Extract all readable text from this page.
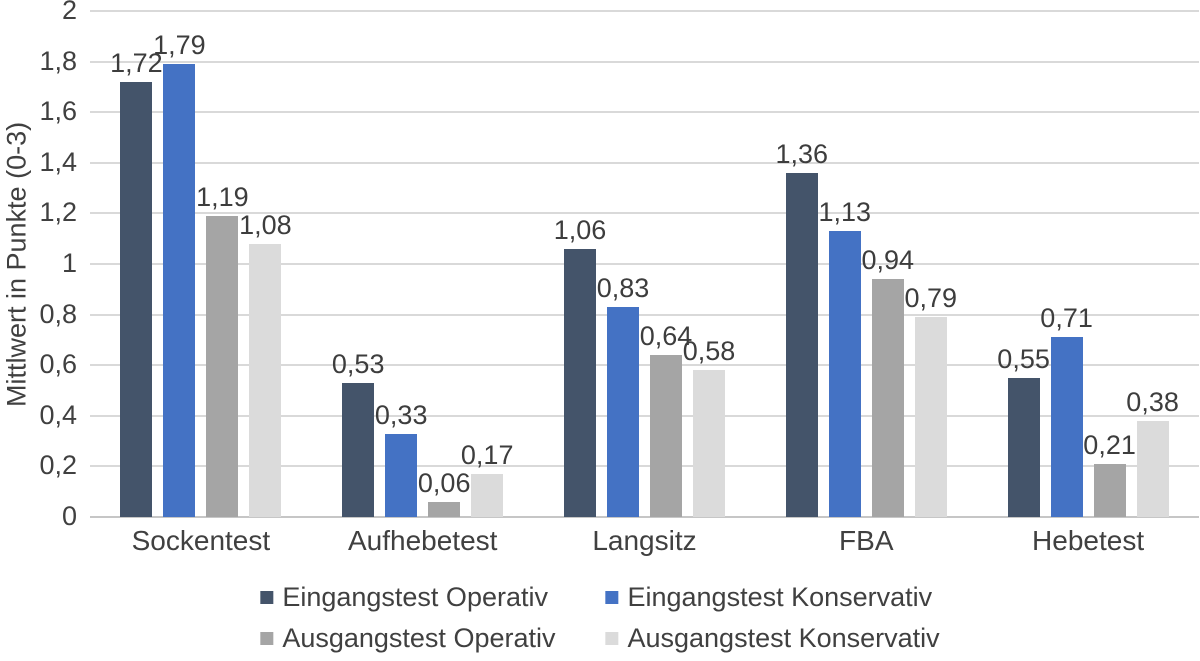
Mittlwert in Punkte (0-3)
2
1,8
1,6
1,4
1,2
1
0,8
0,6
0,4
0,2
0
1,72
1,79
1,19
1,08
0,53
0,33
0,06
0,17
1,06
0,83
0,64
0,58
1,36
1,13
0,94
0,79
0,55
0,71
0,21
0,38
Sockentest	Aufhebetest	Langsitz	FBA	Hebetest
Eingangstest Operativ	Eingangstest Konservativ
Ausgangstest Operativ	Ausgangstest Konservativ
